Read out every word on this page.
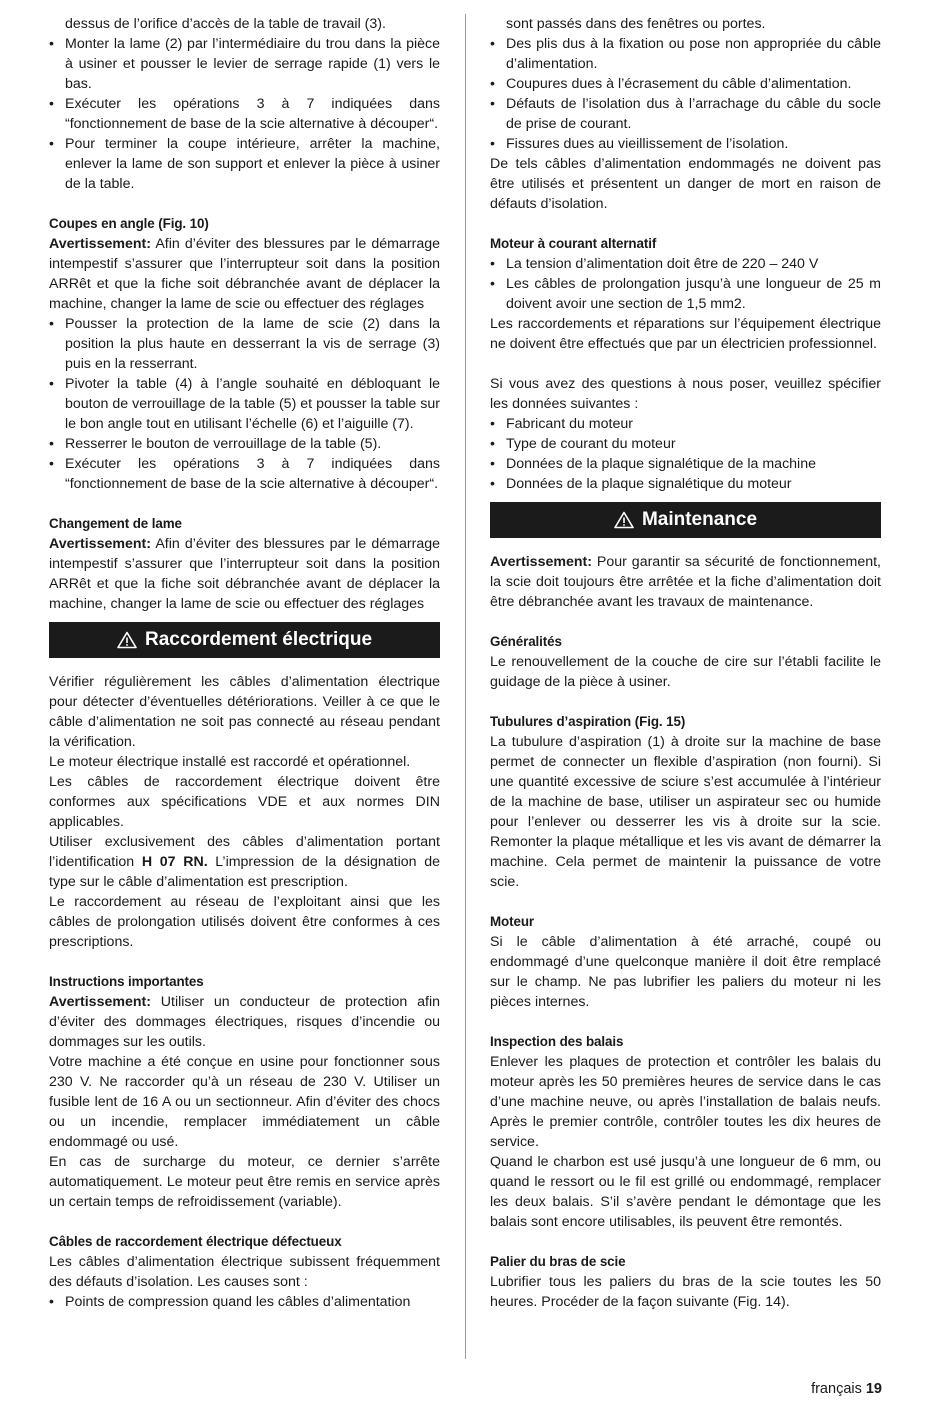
dessus de l’orifice d’accès de la table de travail (3).
• Monter la lame (2) par l’intermédiaire du trou dans la pièce à usiner et pousser le levier de serrage rapide (1) vers le bas.
• Exécuter les opérations 3 à 7 indiquées dans “fonctionnement de base de la scie alternative à découper“.
• Pour terminer la coupe intérieure, arrêter la machine, enlever la lame de son support et enlever la pièce à usiner de la table.
Coupes en angle (Fig. 10)

Avertissement: Afin d’éviter des blessures par le démarrage intempestif s’assurer que l’interrupteur soit dans la position ARRêt et que la fiche soit débranchée avant de déplacer la machine, changer la lame de scie ou effectuer des réglages

• Pousser la protection de la lame de scie (2) dans la position la plus haute en desserrant la vis de serrage (3) puis en la resserrant.
• Pivoter la table (4) à l’angle souhaité en débloquant le bouton de verrouillage de la table (5) et pousser la table sur le bon angle tout en utilisant l’échelle (6) et l’aiguille (7).
• Resserrer le bouton de verrouillage de la table (5).
• Exécuter les opérations 3 à 7 indiquées dans “fonctionnement de base de la scie alternative à découper“.
Changement de lame

Avertissement: Afin d’éviter des blessures par le démarrage intempestif s’assurer que l’interrupteur soit dans la position ARRêt et que la fiche soit débranchée avant de déplacer la machine, changer la lame de scie ou effectuer des réglages

Raccordement électrique

Vérifier régulièrement les câbles d’alimentation électrique pour détecter d’éventuelles détériorations. Veiller à ce que le câble d’alimentation ne soit pas connecté au réseau pendant la vérification.

Le moteur électrique installé est raccordé et opérationnel.

Les câbles de raccordement électrique doivent être conformes aux spécifications VDE et aux normes DIN applicables.

Utiliser exclusivement des câbles d’alimentation portant l’identification H 07 RN. L’impression de la désignation de type sur le câble d’alimentation est prescription.

Le raccordement au réseau de l’exploitant ainsi que les câbles de prolongation utilisés doivent être conformes à ces prescriptions.

Instructions importantes

Avertissement: Utiliser un conducteur de protection afin d’éviter des dommages électriques, risques d’incendie ou dommages sur les outils.

Votre machine a été conçue en usine pour fonctionner sous 230 V. Ne raccorder qu’à un réseau de 230 V. Utiliser un fusible lent de 16 A ou un sectionneur. Afin d’éviter des chocs ou un incendie, remplacer immédiatement un câble endommagé ou usé.

En cas de surcharge du moteur, ce dernier s’arrête automatiquement. Le moteur peut être remis en service après un certain temps de refroidissement (variable).

Câbles de raccordement électrique défectueux

Les câbles d’alimentation électrique subissent fréquemment des défauts d’isolation. Les causes sont :

• Points de compression quand les câbles d’alimentation
sont passés dans des fenêtres ou portes.
• Des plis dus à la fixation ou pose non appropriée du câble d’alimentation.
• Coupures dues à l’écrasement du câble d’alimentation.
• Défauts de l’isolation dus à l’arrachage du câble du socle de prise de courant.
• Fissures dues au vieillissement de l’isolation.

De tels câbles d’alimentation endommagés ne doivent pas être utilisés et présentent un danger de mort en raison de défauts d’isolation.

Moteur à courant alternatif
• La tension d’alimentation doit être de 220 – 240 V
• Les câbles de prolongation jusqu’à une longueur de 25 m doivent avoir une section de 1,5 mm2.

Les raccordements et réparations sur l’équipement électrique ne doivent être effectués que par un électricien professionnel.

Si vous avez des questions à nous poser, veuillez spécifier les données suivantes :

• Fabricant du moteur
• Type de courant du moteur
• Données de la plaque signalétique de la machine
• Données de la plaque signalétique du moteur
Maintenance

Avertissement: Pour garantir sa sécurité de fonctionnement, la scie doit toujours être arrêtée et la fiche d’alimentation doit être débranchée avant les travaux de maintenance.

Généralités

Le renouvellement de la couche de cire sur l’établi facilite le guidage de la pièce à usiner.

Tubulures d’aspiration (Fig. 15)

La tubulure d’aspiration (1) à droite sur la machine de base permet de connecter un flexible d’aspiration (non fourni). Si une quantité excessive de sciure s’est accumulée à l’intérieur de la machine de base, utiliser un aspirateur sec ou humide pour l’enlever ou desserrer les vis à droite sur la scie. Remonter la plaque métallique et les vis avant de démarrer la machine. Cela permet de maintenir la puissance de votre scie.

Moteur

Si le câble d’alimentation à été arraché, coupé ou endommagé d’une quelconque manière il doit être remplacé sur le champ. Ne pas lubrifier les paliers du moteur ni les pièces internes.

Inspection des balais

Enlever les plaques de protection et contrôler les balais du moteur après les 50 premières heures de service dans le cas d’une machine neuve, ou après l’installation de balais neufs. Après le premier contrôle, contrôler toutes les dix heures de service.

Quand le charbon est usé jusqu’à une longueur de 6 mm, ou quand le ressort ou le fil est grillé ou endommagé, remplacer les deux balais. S’il s’avère pendant le démontage que les balais sont encore utilisables, ils peuvent être remontés.

Palier du bras de scie

Lubrifier tous les paliers du bras de la scie toutes les 50 heures. Procéder de la façon suivante (Fig. 14).

français 19
